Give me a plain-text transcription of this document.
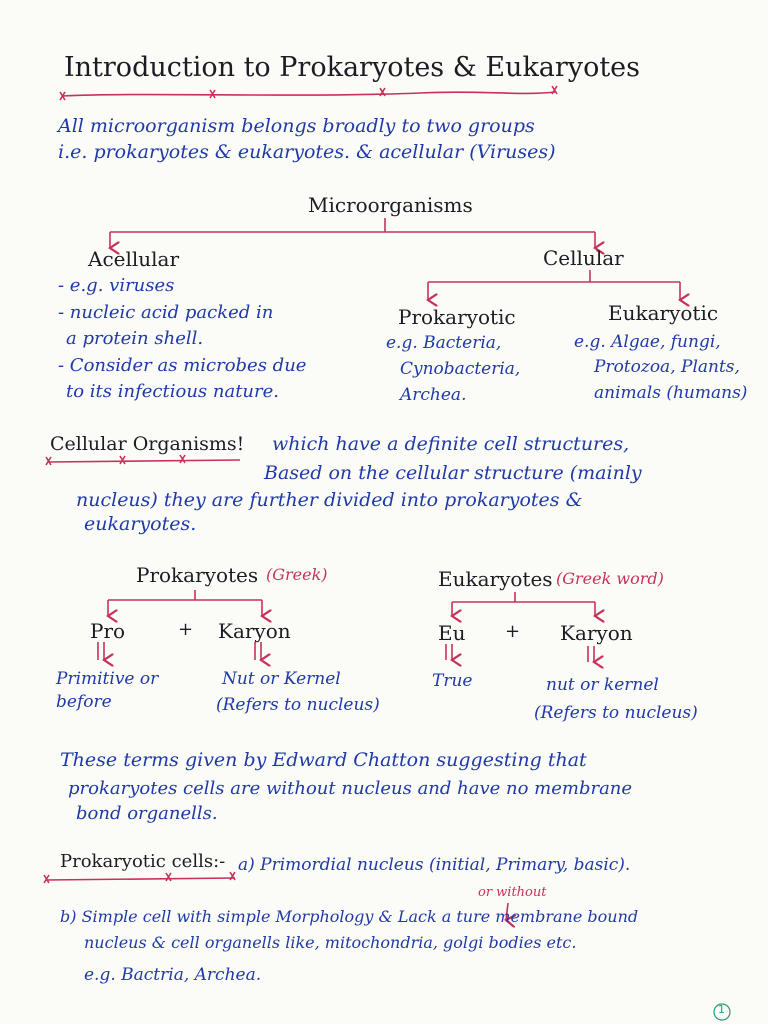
Introduction to Prokaryotes & Eukaryotes
All microorganism belongs broadly to two groups
i.e. prokaryotes & eukaryotes. & acellular (Viruses)
Microorganisms
Acellular	Cellular
- e.g. viruses
- nucleic acid packed in
a protein shell.
- Consider as microbes due
to its infectious nature.
Prokaryotic
e.g. Bacteria,
Cynobacteria,
Archea.
Eukaryotic
e.g. Algae, fungi,
Protozoa, Plants,
animals (humans)
Cellular Organisms! which have a definite cell structures,
Based on the cellular structure (mainly
nucleus) they are further divided into prokaryotes &
eukaryotes.
Prokaryotes (Greek)
Pro	+ Karyon
Primitive or
before
Nut or Kernel
(Refers to nucleus)
Eukaryotes (Greek word)
Eu + Karyon
True	nut or kernel
(Refers to nucleus)
These terms given by Edward Chatton suggesting that
prokaryotes cells are without nucleus and have no membrane
bond organells.
Prokaryotic cells:- a) Primordial nucleus (initial, Primary, basic).
or without
b) Simple cell with simple Morphology & Lack a ture membrane bound
nucleus & cell organells like, mitochondria, golgi bodies etc.
e.g. Bactria, Archea.
1
